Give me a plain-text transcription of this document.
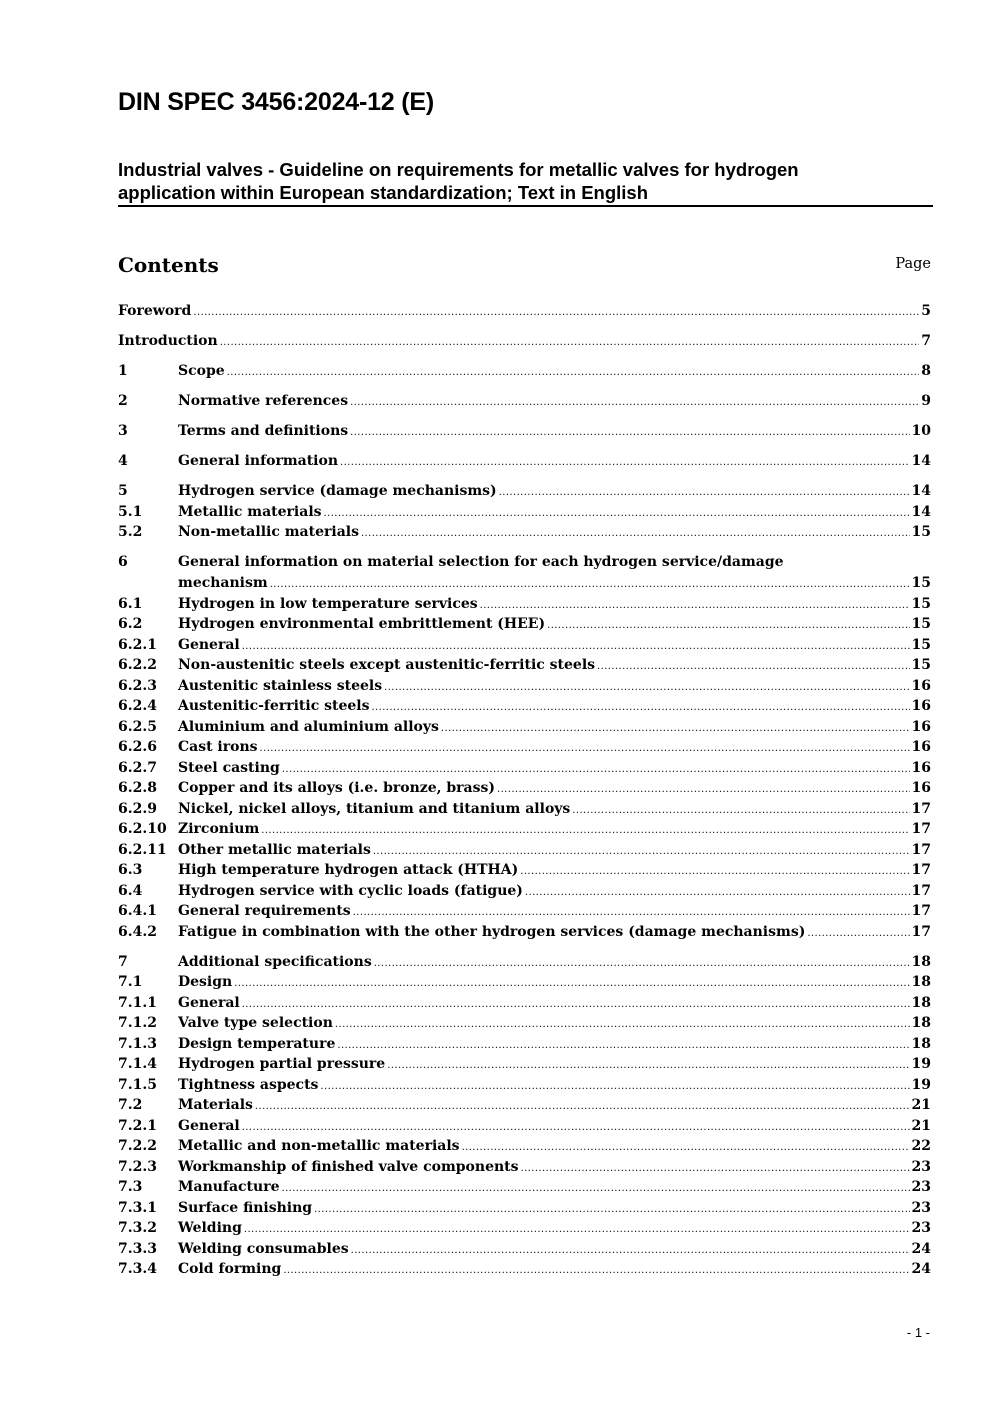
DIN SPEC 3456:2024-12 (E)
Industrial valves - Guideline on requirements for metallic valves for hydrogen
application within European standardization; Text in English
Contents	Page
Foreword .....	5
Introduction .....	7
1	Scope .....	8
2	Normative references .....	9
3	Terms and definitions .....	10
4	General information .....	14
5	Hydrogen service (damage mechanisms) .....	14
5.1	Metallic materials .....	14
5.2	Non-metallic materials .....	15
6	General information on material selection for each hydrogen service/damage
mechanism .....	15
6.1	Hydrogen in low temperature services .....	15
6.2	Hydrogen environmental embrittlement (HEE) .....	15
6.2.1	General .....	15
6.2.2	Non-austenitic steels except austenitic-ferritic steels .....	15
6.2.3	Austenitic stainless steels .....	16
6.2.4	Austenitic-ferritic steels .....	16
6.2.5	Aluminium and aluminium alloys .....	16
6.2.6	Cast irons .....	16
6.2.7	Steel casting .....	16
6.2.8	Copper and its alloys (i.e. bronze, brass) .....	16
6.2.9	Nickel, nickel alloys, titanium and titanium alloys .....	17
6.2.10 Zirconium .....	17
6.2.11 Other metallic materials .....	17
6.3	High temperature hydrogen attack (HTHA) .....	17
6.4	Hydrogen service with cyclic loads (fatigue) .....	17
6.4.1	General requirements .....	17
6.4.2	Fatigue in combination with the other hydrogen services (damage mechanisms) .....	17
7	Additional specifications .....	18
7.1	Design .....	18
7.1.1	General .....	18
7.1.2	Valve type selection .....	18
7.1.3	Design temperature .....	18
7.1.4	Hydrogen partial pressure .....	19
7.1.5	Tightness aspects .....	19
7.2	Materials .....	21
7.2.1	General .....	21
7.2.2	Metallic and non-metallic materials .....	22
7.2.3	Workmanship of finished valve components .....	23
7.3	Manufacture .....	23
7.3.1	Surface finishing .....	23
7.3.2	Welding .....	23
7.3.3	Welding consumables .....	24
7.3.4	Cold forming .....	24
- 1 -
